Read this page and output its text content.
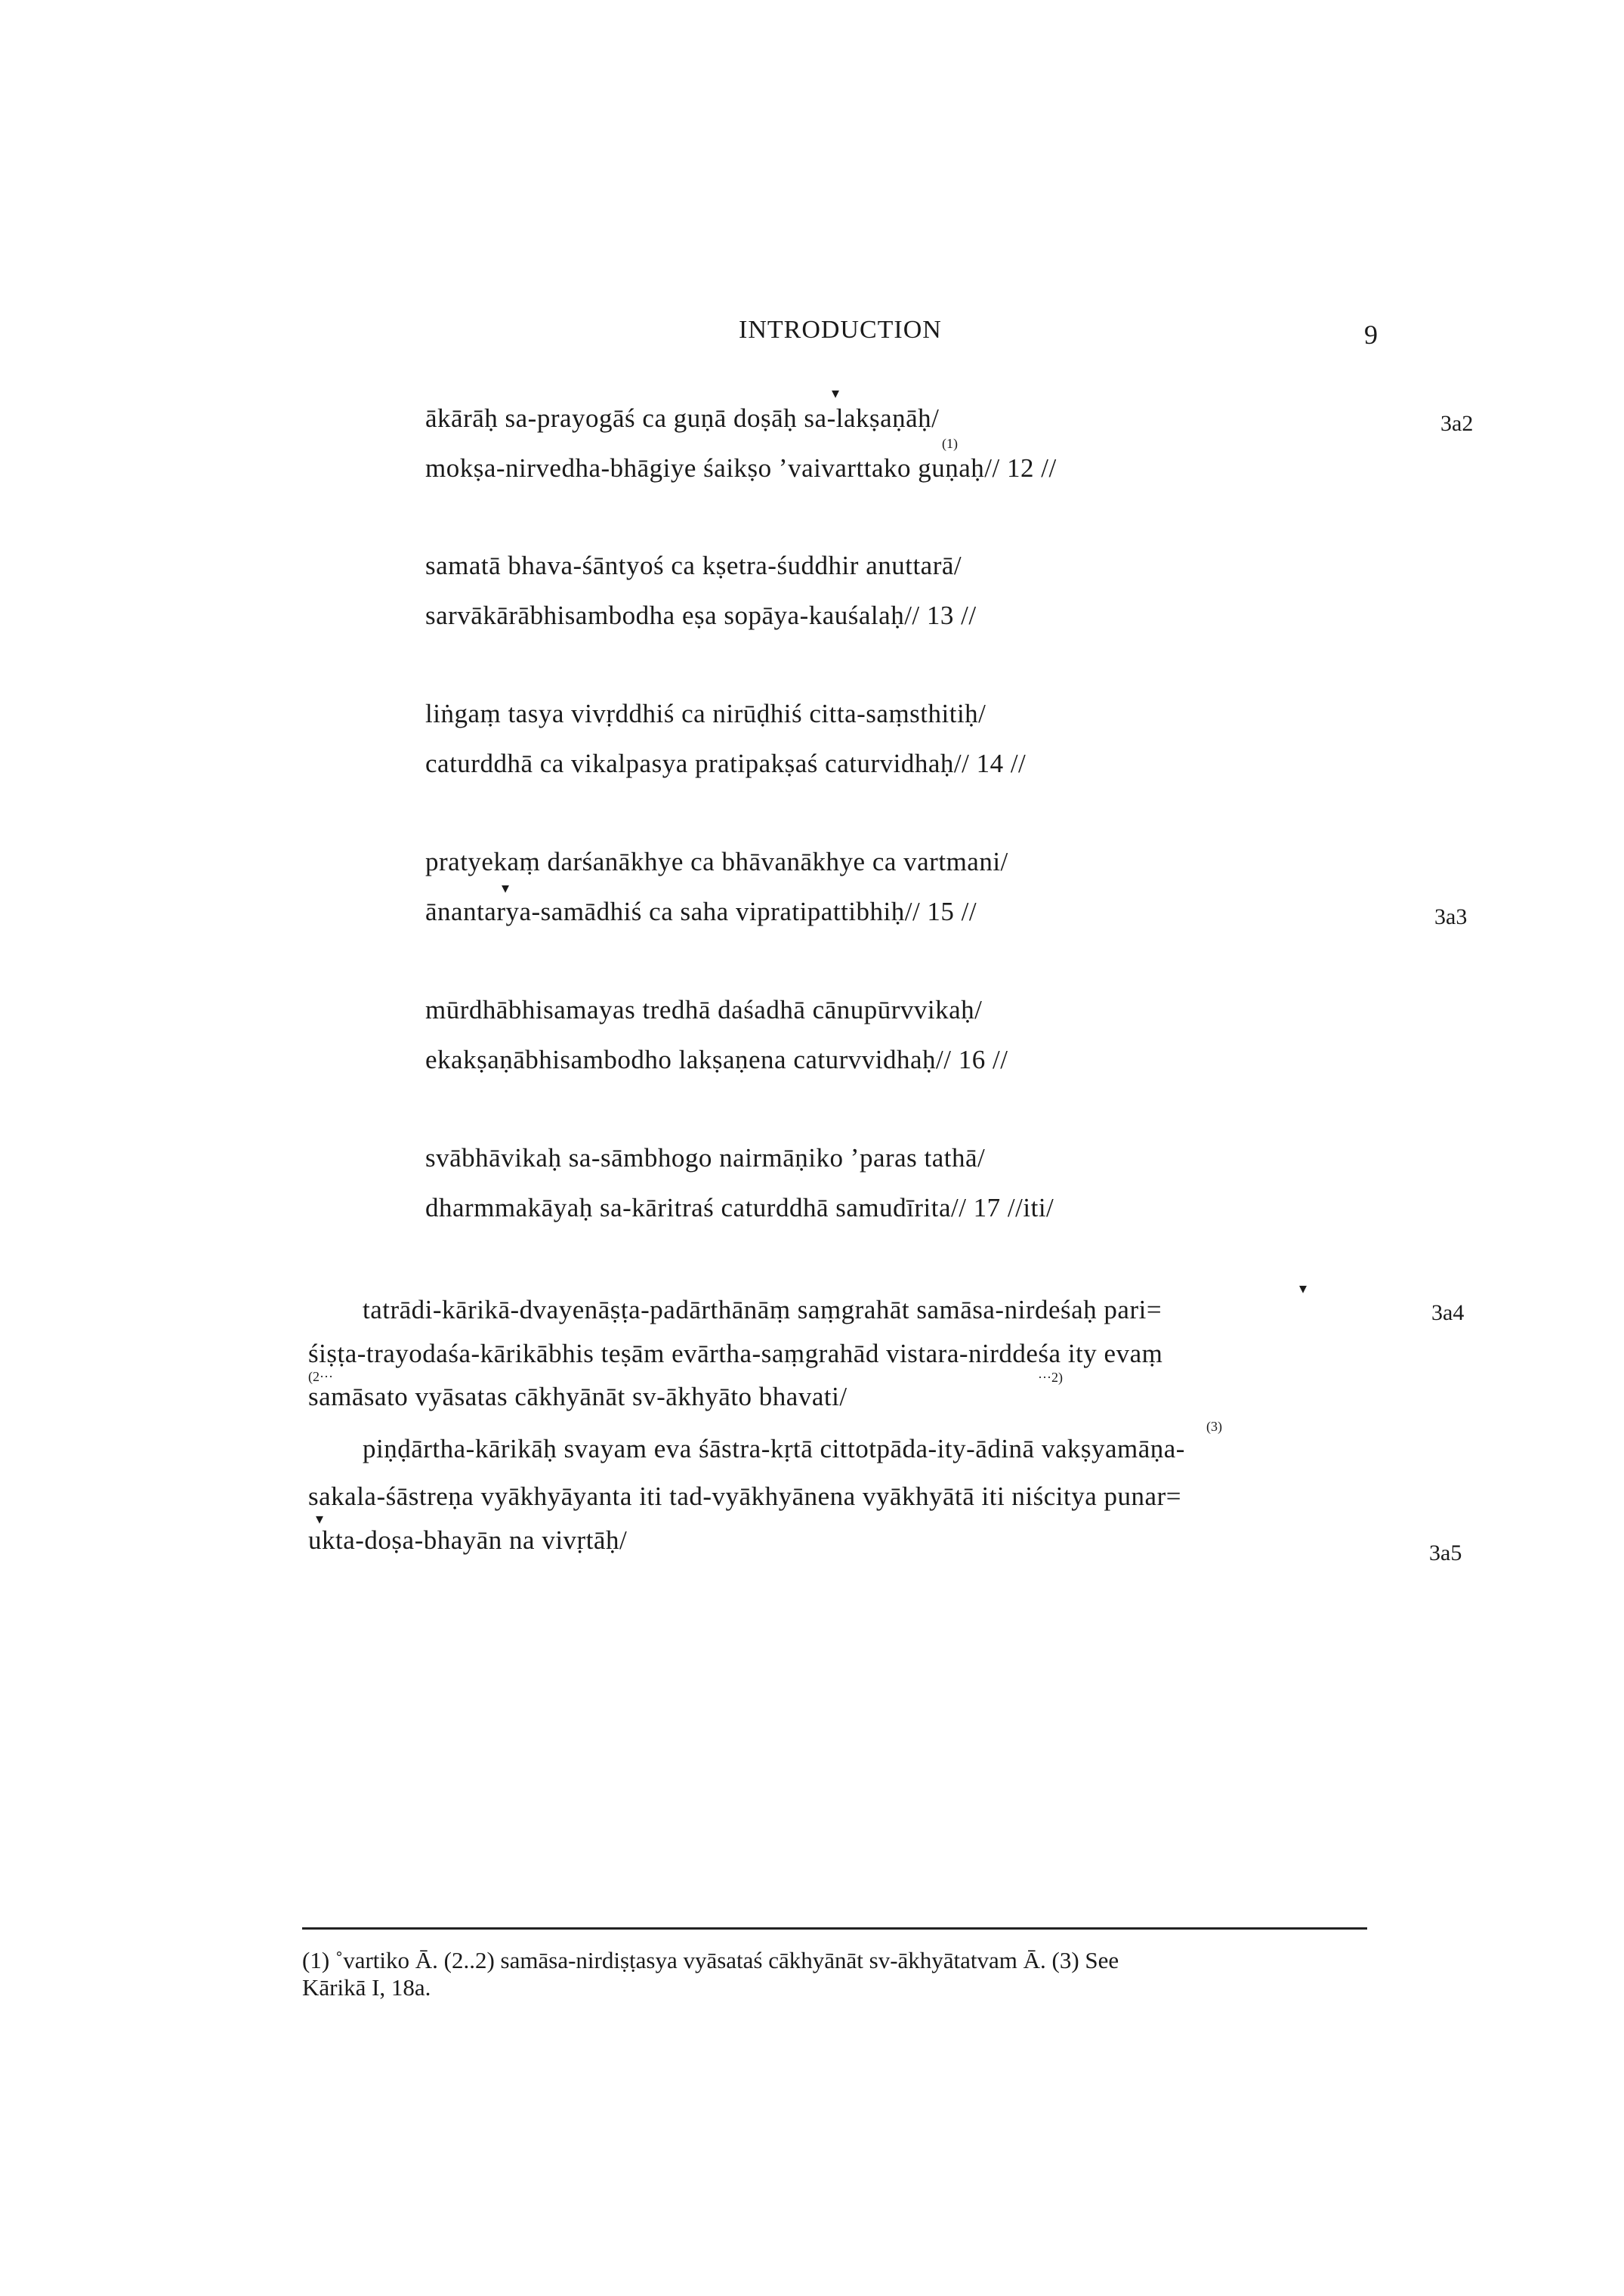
INTRODUCTION	9
▾
ākārāḥ sa-prayogāś ca guṇā doṣāḥ sa-lakṣaṇāḥ/
(1)
mokṣa-nirvedha-bhāgiye śaikṣo ’vaivarttako guṇaḥ// 12 //
3a2
samatā bhava-śāntyoś ca kṣetra-śuddhir anuttarā/
sarvākārābhisambodha eṣa sopāya-kauśalaḥ// 13 //
liṅgaṃ tasya vivṛddhiś ca nirūḍhiś citta-saṃsthitiḥ/
caturddhā ca vikalpasya pratipakṣaś caturvidhaḥ// 14 //
pratyekaṃ darśanākhye ca bhāvanākhye ca vartmani/
▾
ānantarya-samādhiś ca saha vipratipattibhiḥ// 15 //	3a3
mūrdhābhisamayas tredhā daśadhā cānupūrvvikaḥ/
ekakṣaṇābhisambodho lakṣaṇena caturvvidhaḥ// 16 //
svābhāvikaḥ sa-sāmbhogo nairmāṇiko ’paras tathā/
dharmmakāyaḥ sa-kāritraś caturddhā samudīrita// 17 //iti/
▾
tatrādi-kārikā-dvayenāṣṭa-padārthānāṃ saṃgrahāt samāsa-nirdeśaḥ pari=	3a4
śiṣṭa-trayodaśa-kārikābhis teṣām evārtha-saṃgrahād vistara-nirddeśa ity evaṃ
(2···	···2)
samāsato vyāsatas cākhyānāt sv-ākhyāto bhavati/
(3)
piṇḍārtha-kārikāḥ svayam eva śāstra-kṛtā cittotpāda-ity-ādinā vakṣyamāṇa-
sakala-śāstreṇa vyākhyāyanta iti tad-vyākhyānena vyākhyātā iti niścitya punar=
▾
ukta-doṣa-bhayān na vivṛtāḥ/	3a5
(1) ˚vartiko Ā. (2..2) samāsa-nirdiṣṭasya vyāsataś cākhyānāt sv-ākhyātatvam Ā. (3) See
Kārikā I, 18a.
